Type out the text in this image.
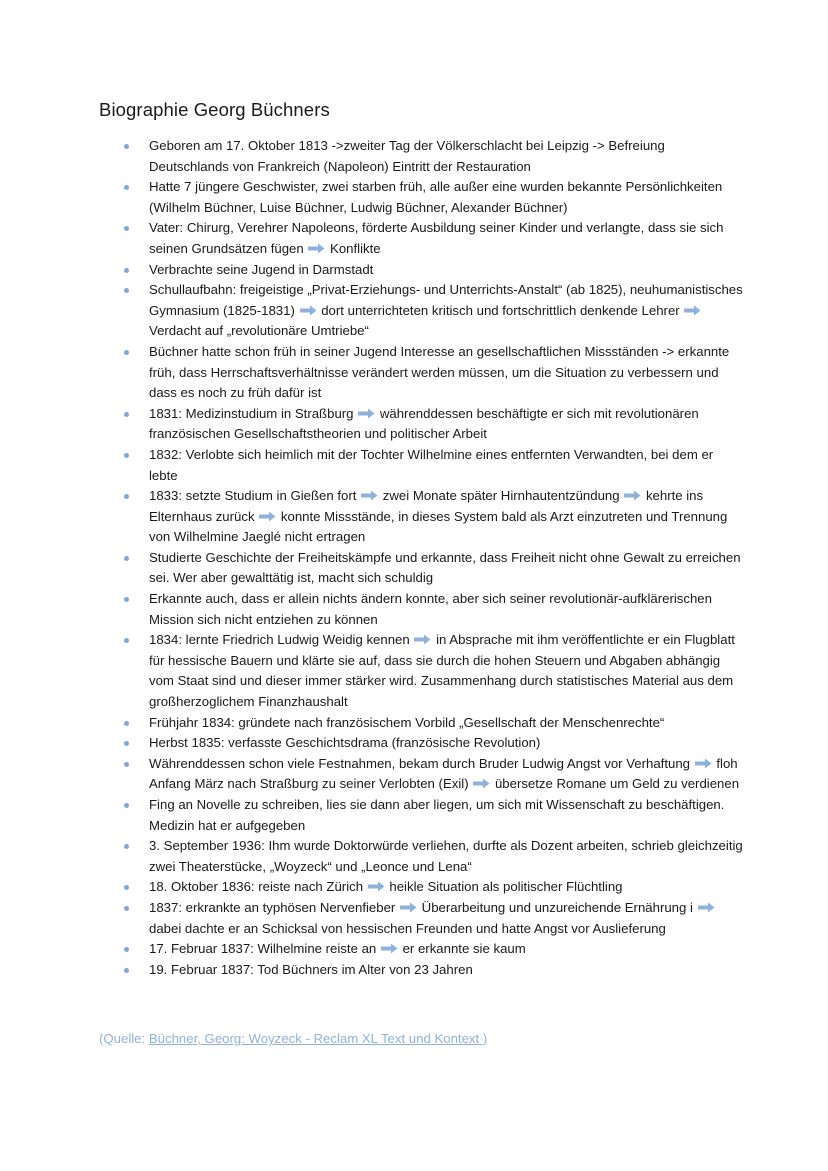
Biographie Georg Büchners
Geboren am 17. Oktober 1813 ->zweiter Tag der Völkerschlacht bei Leipzig -> Befreiung Deutschlands von Frankreich (Napoleon) Eintritt der Restauration
Hatte 7 jüngere Geschwister, zwei starben früh, alle außer eine wurden bekannte Persönlichkeiten (Wilhelm Büchner, Luise Büchner, Ludwig Büchner, Alexander Büchner)
Vater: Chirurg, Verehrer Napoleons, förderte Ausbildung seiner Kinder und verlangte, dass sie sich seinen Grundsätzen fügen Konflikte
Verbrachte seine Jugend in Darmstadt
Schullaufbahn: freigeistige „Privat-Erziehungs- und Unterrichts-Anstalt“ (ab 1825), neuhumanistisches Gymnasium (1825-1831) dort unterrichteten kritisch und fortschrittlich denkende Lehrer  Verdacht auf „revolutionäre Umtriebe“
Büchner hatte schon früh in seiner Jugend Interesse an gesellschaftlichen Missständen -> erkannte früh, dass Herrschaftsverhältnisse verändert werden müssen, um die Situation zu verbessern und dass es noch zu früh dafür ist
1831: Medizinstudium in Straßburg währenddessen beschäftigte er sich mit revolutionären französischen Gesellschaftstheorien und politischer Arbeit
1832: Verlobte sich heimlich mit der Tochter Wilhelmine eines entfernten Verwandten, bei dem er lebte
1833: setzte Studium in Gießen fort zwei Monate später Hirnhautentzündung kehrte ins Elternhaus zurück konnte Missstände, in dieses System bald als Arzt einzutreten und Trennung von Wilhelmine Jaeglé nicht ertragen
Studierte Geschichte der Freiheitskämpfe und erkannte, dass Freiheit nicht ohne Gewalt zu erreichen sei. Wer aber gewalttätig ist, macht sich schuldig
Erkannte auch, dass er allein nichts ändern konnte, aber sich seiner revolutionär-aufklärerischen Mission sich nicht entziehen zu können
1834: lernte Friedrich Ludwig Weidig kennen in Absprache mit ihm veröffentlichte er ein Flugblatt für hessische Bauern und klärte sie auf, dass sie durch die hohen Steuern und Abgaben abhängig vom Staat sind und dieser immer stärker wird. Zusammenhang durch statistisches Material aus dem großherzoglichem Finanzhaushalt
Frühjahr 1834: gründete nach französischem Vorbild „Gesellschaft der Menschenrechte“
Herbst 1835: verfasste Geschichtsdrama (französische Revolution)
Währenddessen schon viele Festnahmen, bekam durch Bruder Ludwig Angst vor Verhaftung floh Anfang März nach Straßburg zu seiner Verlobten (Exil) übersetze Romane um Geld zu verdienen
Fing an Novelle zu schreiben, lies sie dann aber liegen, um sich mit Wissenschaft zu beschäftigen. Medizin hat er aufgegeben
3. September 1936: Ihm wurde Doktorwürde verliehen, durfte als Dozent arbeiten, schrieb gleichzeitig zwei Theaterstücke, „Woyzeck“ und „Leonce und Lena“
18. Oktober 1836: reiste nach Zürich heikle Situation als politischer Flüchtling
1837: erkrankte an typhösen Nervenfieber Überarbeitung und unzureichende Ernährung i  dabei dachte er an Schicksal von hessischen Freunden und hatte Angst vor Auslieferung
17. Februar 1837: Wilhelmine reiste an er erkannte sie kaum
19. Februar 1837: Tod Büchners im Alter von 23 Jahren
(Quelle: Büchner, Georg: Woyzeck - Reclam XL Text und Kontext )
